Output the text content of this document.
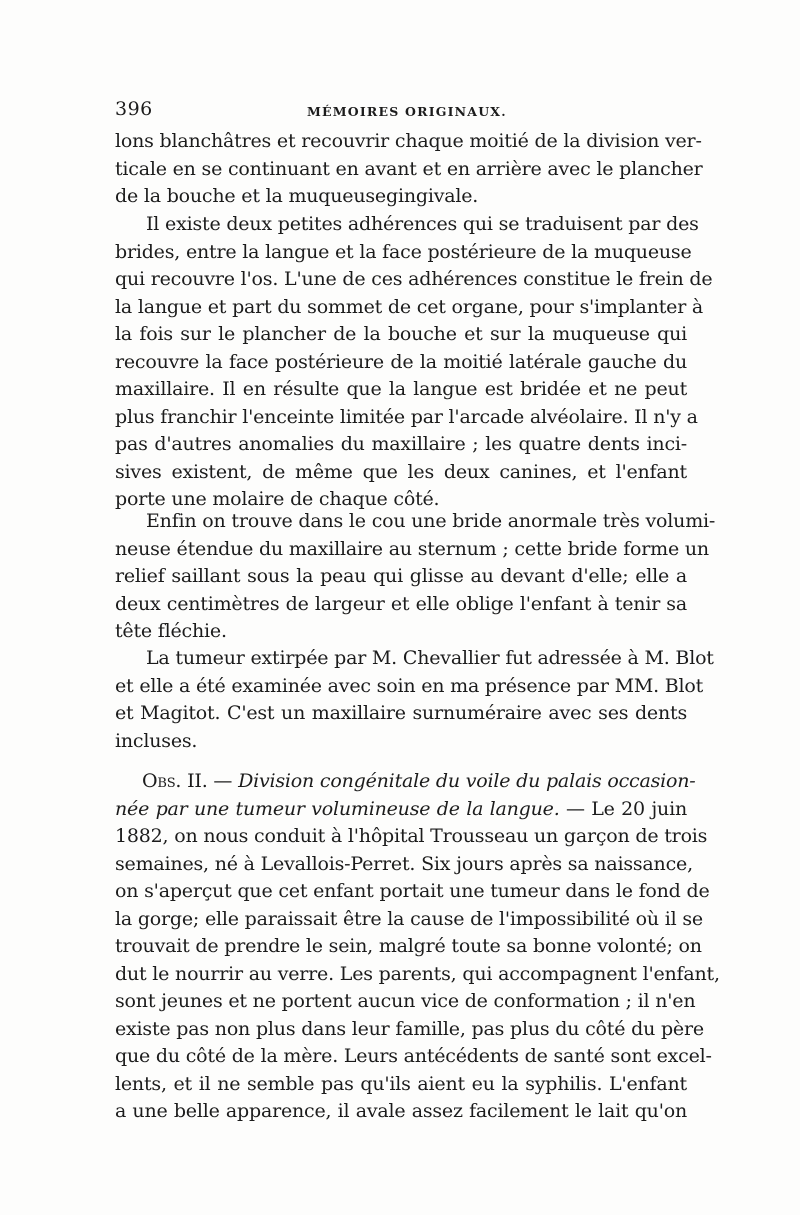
396	MÉMOIRES ORIGINAUX.
lons blanchâtres et recouvrir chaque moitié de la division ver-
ticale en se continuant en avant et en arrière avec le plancher
de la bouche et la muqueusegingivale.
Il existe deux petites adhérences qui se traduisent par des
brides, entre la langue et la face postérieure de la muqueuse
qui recouvre l'os. L'une de ces adhérences constitue le frein de
la langue et part du sommet de cet organe, pour s'implanter à
la fois sur le plancher de la bouche et sur la muqueuse qui
recouvre la face postérieure de la moitié latérale gauche du
maxillaire. Il en résulte que la langue est bridée et ne peut
plus franchir l'enceinte limitée par l'arcade alvéolaire. Il n'y a
pas d'autres anomalies du maxillaire ; les quatre dents inci-
sives existent, de même que les deux canines, et l'enfant
porte une molaire de chaque côté.
Enfin on trouve dans le cou une bride anormale très volumi-
neuse étendue du maxillaire au sternum ; cette bride forme un
relief saillant sous la peau qui glisse au devant d'elle; elle a
deux centimètres de largeur et elle oblige l'enfant à tenir sa
tête fléchie.
La tumeur extirpée par M. Chevallier fut adressée à M. Blot
et elle a été examinée avec soin en ma présence par MM. Blot
et Magitot. C'est un maxillaire surnuméraire avec ses dents
incluses.
Obs. II. — Division congénitale du voile du palais occasion-
née par une tumeur volumineuse de la langue. — Le 20 juin
1882, on nous conduit à l'hôpital Trousseau un garçon de trois
semaines, né à Levallois-Perret. Six jours après sa naissance,
on s'aperçut que cet enfant portait une tumeur dans le fond de
la gorge; elle paraissait être la cause de l'impossibilité où il se
trouvait de prendre le sein, malgré toute sa bonne volonté; on
dut le nourrir au verre. Les parents, qui accompagnent l'enfant,
sont jeunes et ne portent aucun vice de conformation ; il n'en
existe pas non plus dans leur famille, pas plus du côté du père
que du côté de la mère. Leurs antécédents de santé sont excel-
lents, et il ne semble pas qu'ils aient eu la syphilis. L'enfant
a une belle apparence, il avale assez facilement le lait qu'on
